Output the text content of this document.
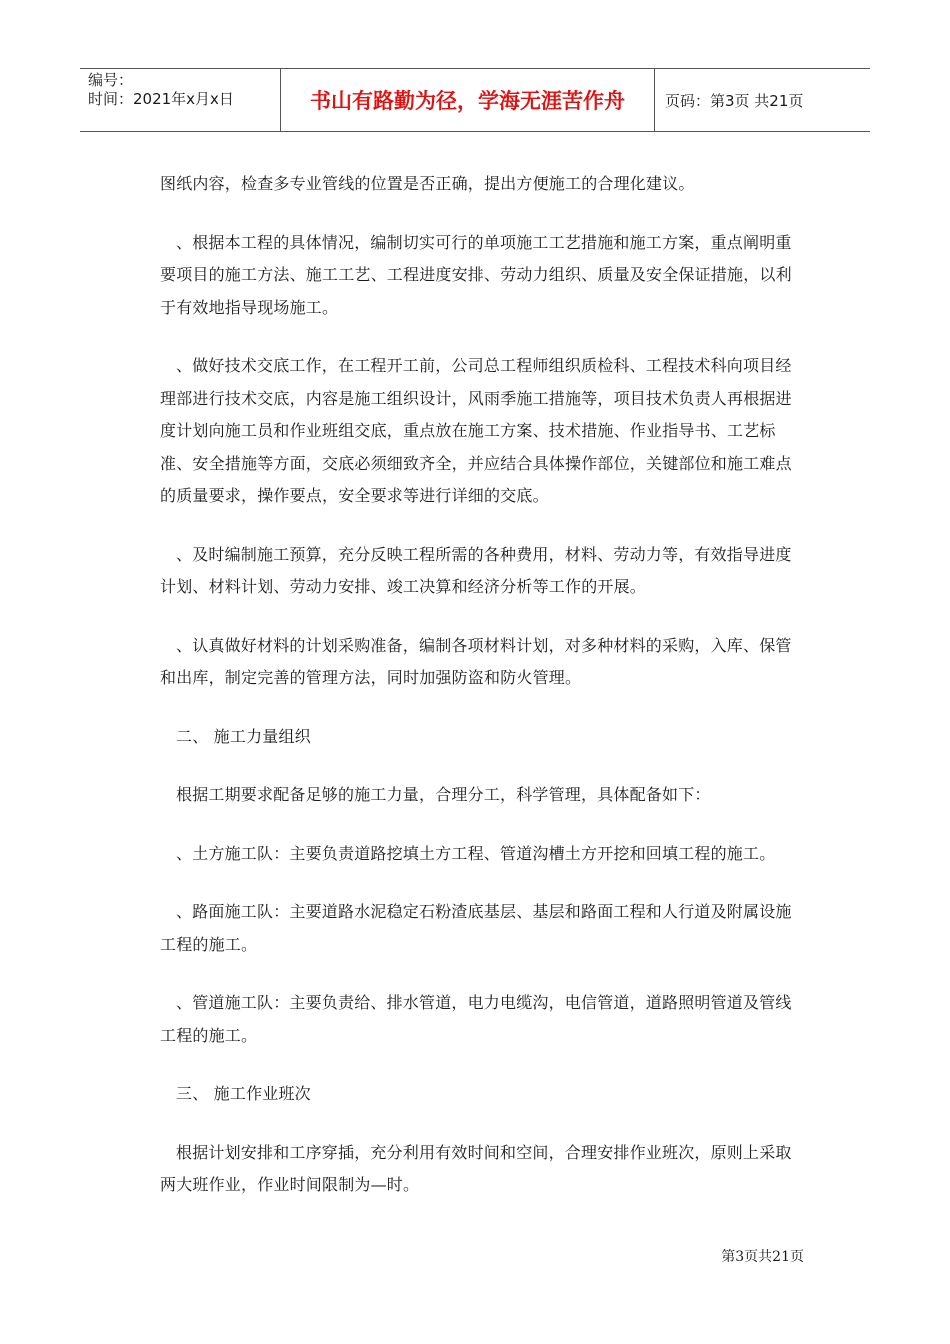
编号：
时间：2021年x月x日	书山有路勤为径，学海无涯苦作舟	页码：第3页 共21页

图纸内容，检查多专业管线的位置是否正确，提出方便施工的合理化建议。

、根据本工程的具体情况，编制切实可行的单项施工工艺措施和施工方案，重点阐明重要项目的施工方法、施工工艺、工程进度安排、劳动力组织、质量及安全保证措施，以利于有效地指导现场施工。

、做好技术交底工作，在工程开工前，公司总工程师组织质检科、工程技术科向项目经理部进行技术交底，内容是施工组织设计，风雨季施工措施等，项目技术负责人再根据进度计划向施工员和作业班组交底，重点放在施工方案、技术措施、作业指导书、工艺标准、安全措施等方面，交底必须细致齐全，并应结合具体操作部位，关键部位和施工难点的质量要求，操作要点，安全要求等进行详细的交底。

、及时编制施工预算，充分反映工程所需的各种费用，材料、劳动力等，有效指导进度计划、材料计划、劳动力安排、竣工决算和经济分析等工作的开展。

、认真做好材料的计划采购准备，编制各项材料计划，对多种材料的采购，入库、保管和出库，制定完善的管理方法，同时加强防盗和防火管理。

二、 施工力量组织

根据工期要求配备足够的施工力量，合理分工，科学管理，具体配备如下：

、土方施工队：主要负责道路挖填土方工程、管道沟槽土方开挖和回填工程的施工。

、路面施工队：主要道路水泥稳定石粉渣底基层、基层和路面工程和人行道及附属设施工程的施工。

、管道施工队：主要负责给、排水管道，电力电缆沟，电信管道，道路照明管道及管线工程的施工。

三、 施工作业班次

根据计划安排和工序穿插，充分利用有效时间和空间，合理安排作业班次，原则上采取两大班作业，作业时间限制为—时。

第3页共21页
